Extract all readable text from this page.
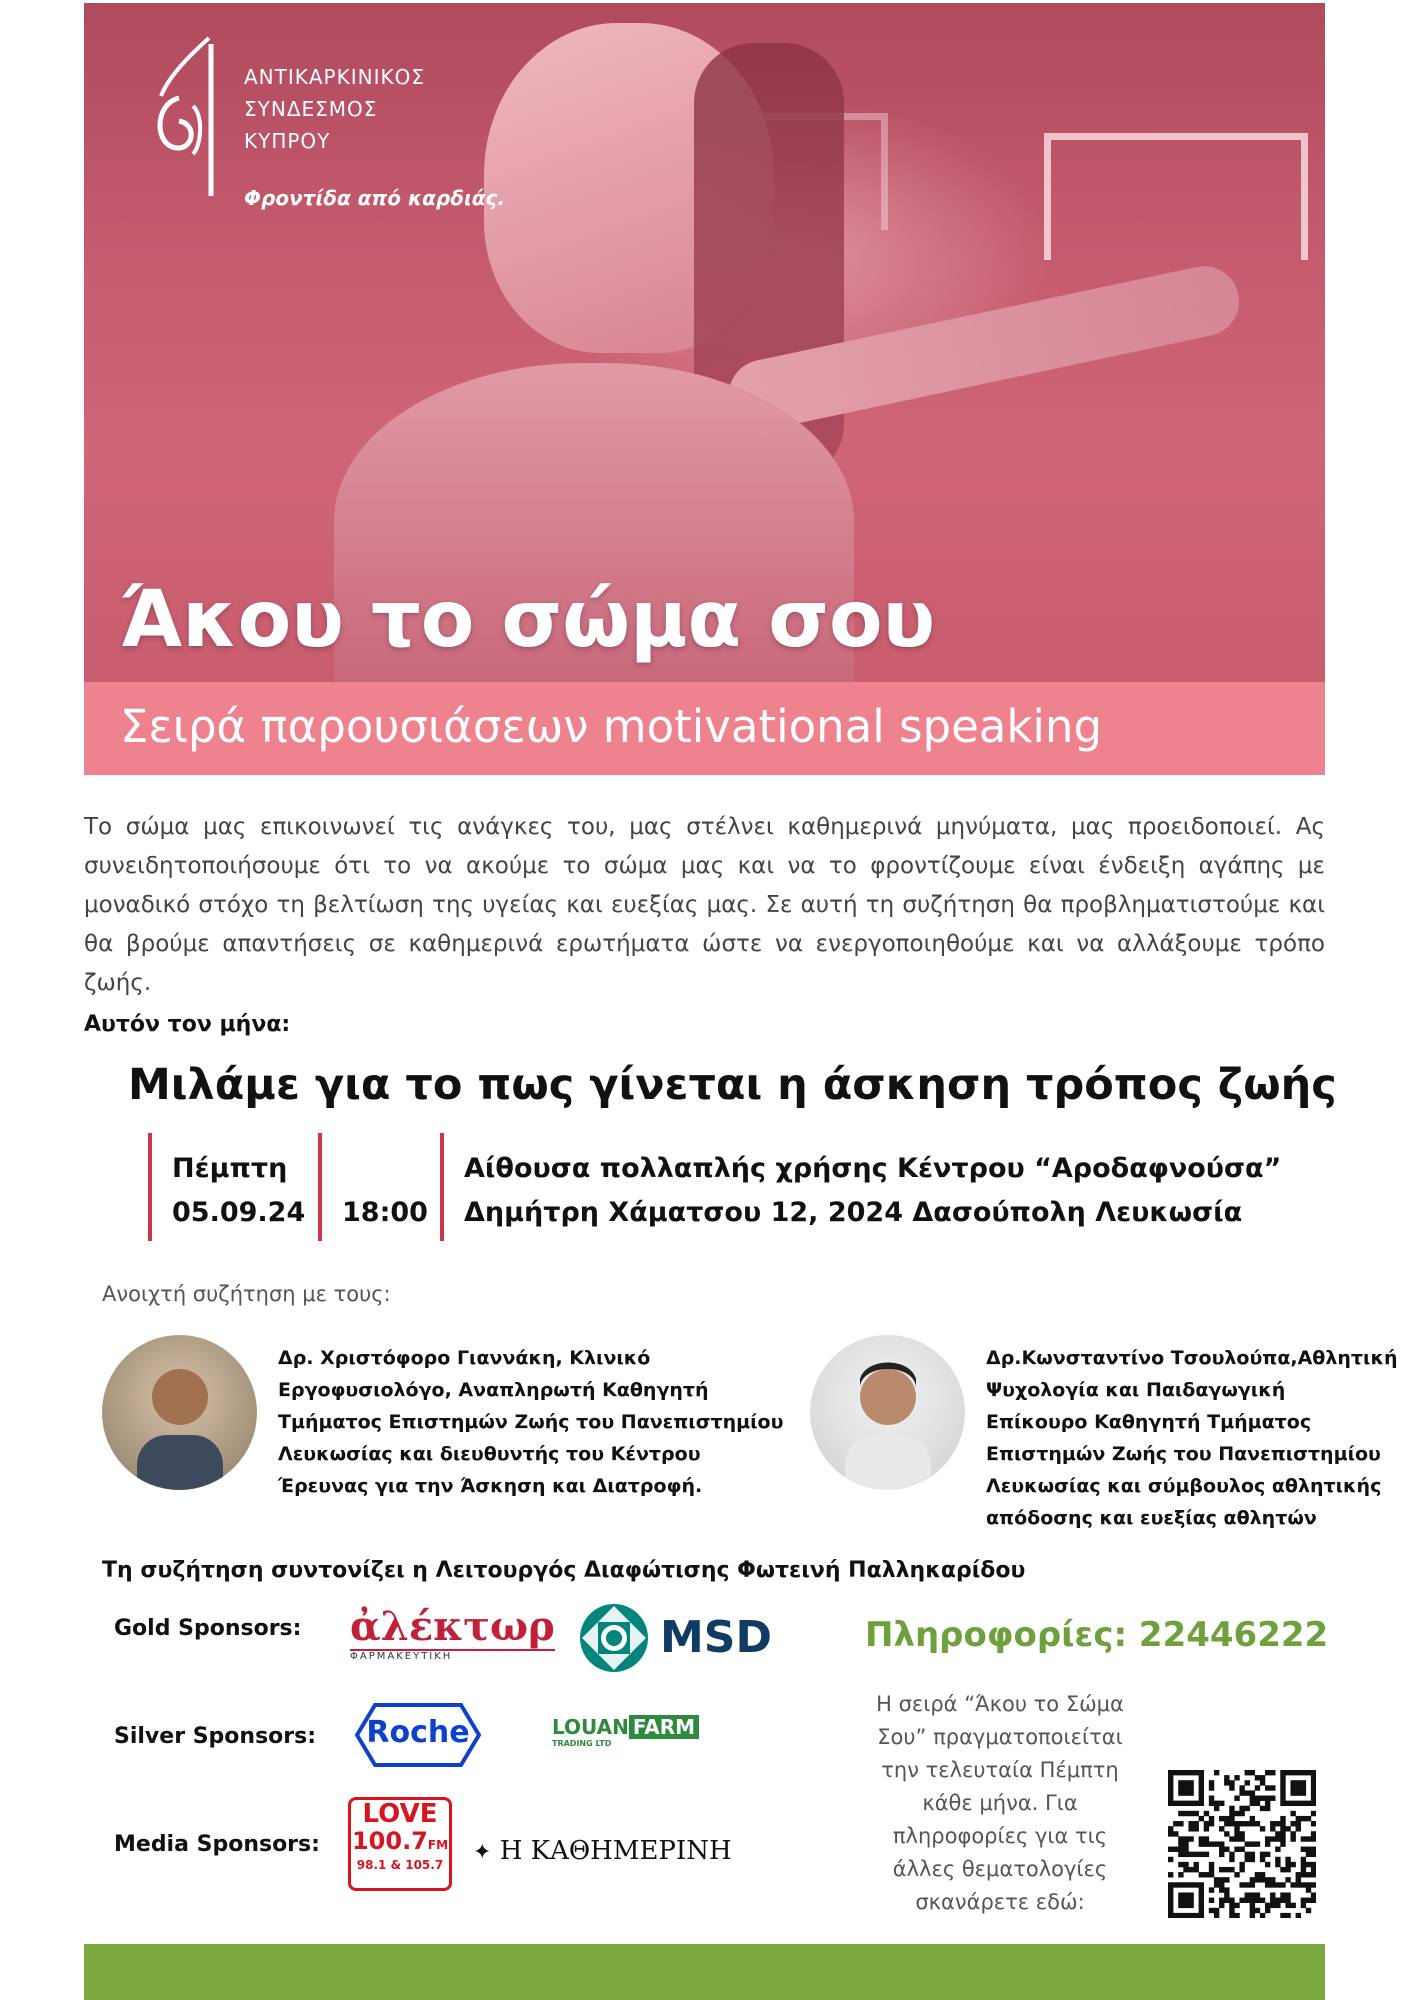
ΑΝΤΙΚΑΡΚΙΝΙΚΟΣ
ΣΥΝΔΕΣΜΟΣ
ΚΥΠΡΟΥ
Φροντίδα από καρδιάς.
Άκου το σώμα σου
Σειρά παρουσιάσεων motivational speaking
Το σώμα μας επικοινωνεί τις ανάγκες του, μας στέλνει καθημερινά μηνύματα, μας προειδοποιεί. Ας συνειδητοποιήσουμε ότι το να ακούμε το σώμα μας και να το φροντίζουμε είναι ένδειξη αγάπης με μοναδικό στόχο τη βελτίωση της υγείας και ευεξίας μας. Σε αυτή τη συζήτηση θα προβληματιστούμε και θα βρούμε απαντήσεις σε καθημερινά ερωτήματα ώστε να ενεργοποιηθούμε και να αλλάξουμε τρόπο ζωής.
Αυτόν τον μήνα:
Μιλάμε για το πως γίνεται η άσκηση τρόπος ζωής
Πέμπτη
05.09.24 18:00
Αίθουσα πολλαπλής χρήσης Κέντρου “Αροδαφνούσα”
Δημήτρη Χάματσου 12, 2024 Δασούπολη Λευκωσία
Ανοιχτή συζήτηση με τους:
Δρ. Χριστόφορο Γιαννάκη, Κλινικό
Εργοφυσιολόγο, Αναπληρωτή Καθηγητή
Τμήματος Επιστημών Ζωής του Πανεπιστημίου
Λευκωσίας και διευθυντής του Κέντρου
Έρευνας για την Άσκηση και Διατροφή.
Δρ.Κωνσταντίνο Τσουλούπα,Αθλητική
Ψυχολογία και Παιδαγωγική
Επίκουρο Καθηγητή Τμήματος
Επιστημών Ζωής του Πανεπιστημίου
Λευκωσίας και σύμβουλος αθλητικής
απόδοσης και ευεξίας αθλητών
Τη συζήτηση συντονίζει η Λειτουργός Διαφώτισης Φωτεινή Παλληκαρίδου
Gold Sponsors:
Silver Sponsors:
Media Sponsors:
ἀλέκτωρ
ΦΑΡΜΑΚΕΥΤΙΚΗ	MSD
Roche	LOUAN FARM
TRADING LTD
LOVE
100.7FM
98.1 & 105.7 ✦ Η ΚΑΘΗΜΕΡΙΝΗ
Πληροφορίες: 22446222
Η σειρά “Άκου το Σώμα Σου” πραγματοποιείται την τελευταία Πέμπτη κάθε μήνα. Για πληροφορίες για τις άλλες θεματολογίες σκανάρετε εδώ:
